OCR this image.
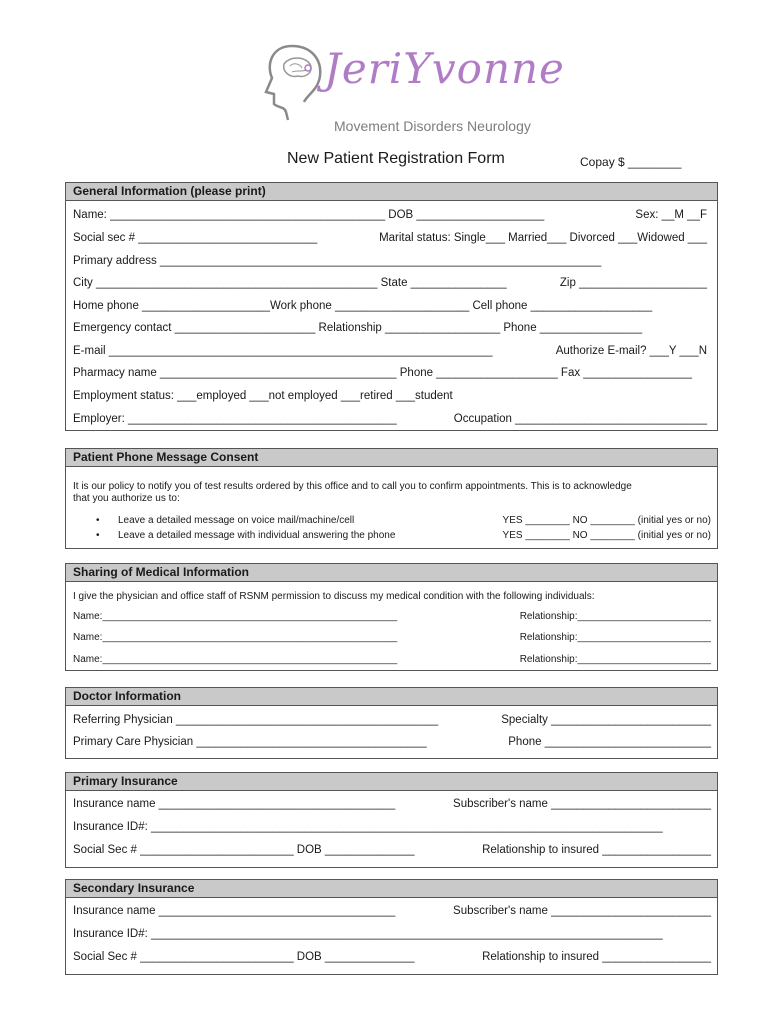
JeriYvonne
Movement Disorders Neurology
New Patient Registration Form	Copay $ ________
General Information (please print)
Name: ___________________________________________ DOB ____________________	Sex: __M __F
Social sec # ____________________________	Marital status: Single___ Married___ Divorced ___Widowed ___
Primary address _____________________________________________________________________
City ____________________________________________ State _______________	Zip ____________________
Home phone ____________________Work phone _____________________ Cell phone ___________________
Emergency contact ______________________ Relationship __________________ Phone ________________
E-mail ____________________________________________________________	Authorize E-mail? ___Y ___N
Pharmacy name _____________________________________ Phone ___________________ Fax _________________
Employment status: ___employed ___not employed ___retired ___student
Employer: __________________________________________	Occupation ______________________________
Patient Phone Message Consent
It is our policy to notify you of test results ordered by this office and to call you to confirm appointments. This is to acknowledge
that you authorize us to:
• Leave a detailed message on voice mail/machine/cell	YES ________ NO ________ (initial yes or no)
• Leave a detailed message with individual answering the phone	YES ________ NO ________ (initial yes or no)
Sharing of Medical Information
I give the physician and office staff of RSNM permission to discuss my medical condition with the following individuals:
Name:_____________________________________________________	Relationship:________________________
Name:_____________________________________________________	Relationship:________________________
Name:_____________________________________________________	Relationship:________________________
Doctor Information
Referring Physician _________________________________________	Specialty _________________________
Primary Care Physician ____________________________________	Phone __________________________
Primary Insurance
Insurance name _____________________________________	Subscriber's name _________________________
Insurance ID#: ________________________________________________________________________________
Social Sec # ________________________ DOB ______________	Relationship to insured _________________
Secondary Insurance
Insurance name _____________________________________	Subscriber's name _________________________
Insurance ID#: ________________________________________________________________________________
Social Sec # ________________________ DOB ______________	Relationship to insured _________________
